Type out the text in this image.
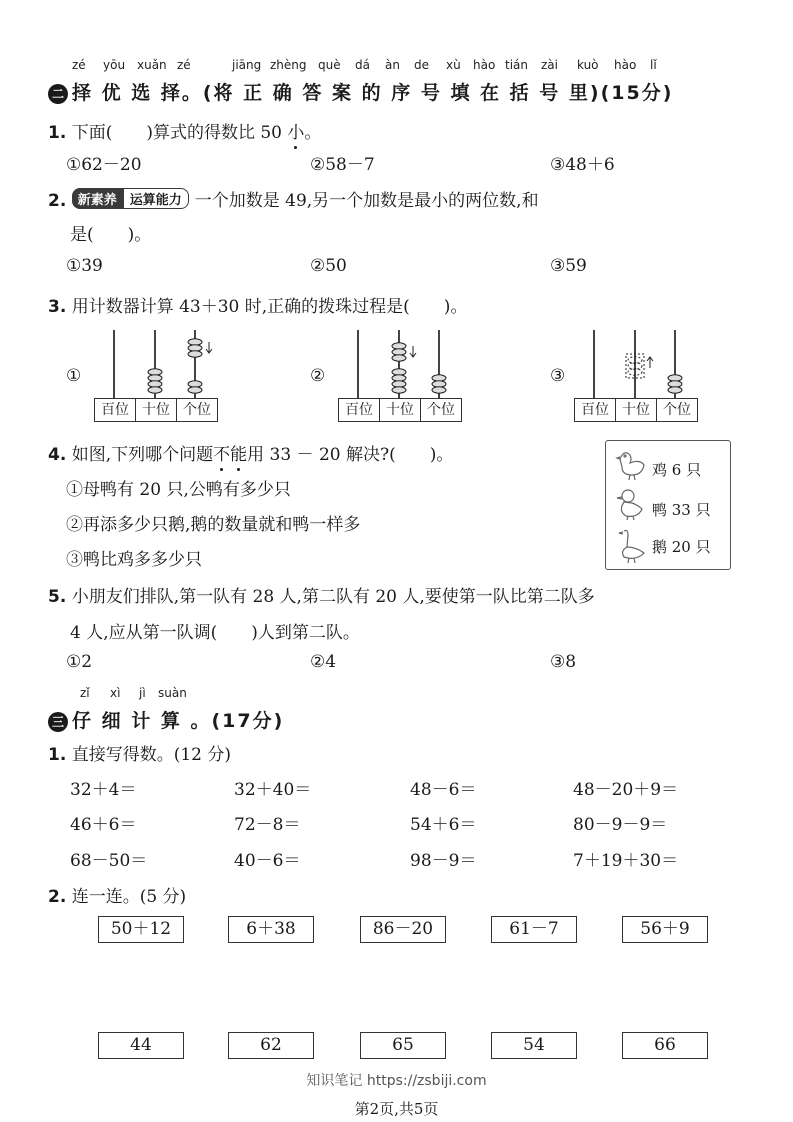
zé yōu xuǎn zé	jiāng zhèng què dá àn de xù hào tián zài kuò hào lǐ
二 择 优 选 择。(将 正 确 答 案 的 序 号 填 在 括 号 里)(15分)
1. 下面(　　)算式的得数比 50 小。
①62－20	②58－7	③48＋6
2. 新素养 运算能力 一个加数是 49,另一个加数是最小的两位数,和
是(　　)。
①39	②50	③59
3. 用计数器计算 43＋30 时,正确的拨珠过程是(　　)。
①
百位 十位 个位
②
百位 十位 个位
③
百位 十位 个位
4. 如图,下列哪个问题不能用 33 － 20 解决?(　　)。
①母鸭有 20 只,公鸭有多少只
②再添多少只鹅,鹅的数量就和鸭一样多
③鸭比鸡多多少只
鸡 6 只
鸭 33 只
鹅 20 只
5. 小朋友们排队,第一队有 28 人,第二队有 20 人,要使第一队比第二队多
4 人,应从第一队调(　　)人到第二队。
①2	②4	③8
zǐ xì jì suàn
三 仔 细 计 算 。(17分)
1. 直接写得数。(12 分)
32＋4＝	32＋40＝	48－6＝	48－20＋9＝
46＋6＝	72－8＝	54＋6＝	80－9－9＝
68－50＝	40－6＝	98－9＝	7＋19＋30＝
2. 连一连。(5 分)
50＋12	6＋38	86－20	61－7	56＋9
44	62	65	54	66
知识笔记 https://zsbiji.com
第2页,共5页
